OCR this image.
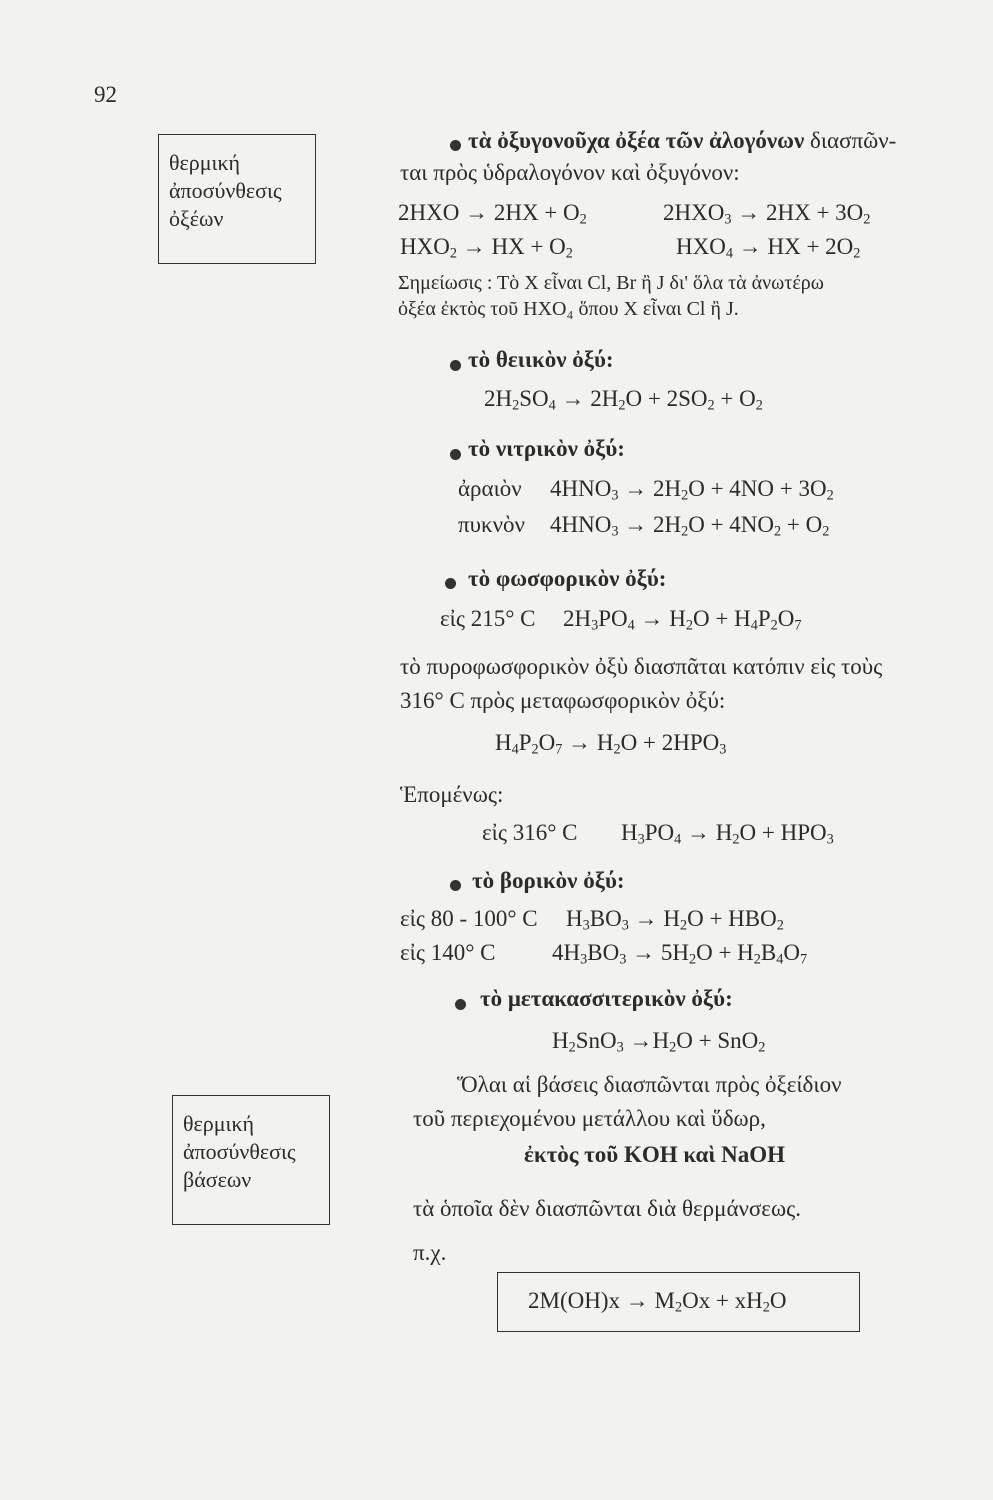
92
θερμική
ἀποσύνθεσις
ὀξέων
τὰ ὀξυγονοῦχα ὀξέα τῶν ἀλογόνων διασπῶν-
ται πρὸς ὑδραλογόνον καὶ ὀξυγόνον:
$2HXO \to 2HX + O_2$	$2HXO_3 \to 2HX + 3O_2$
$HXO_2$ → HX + $O_2$	$HXO_4$ → HX + $2O_2$
Σημείωσις : Τὸ X εἶναι Cl, Br ἢ J δι' ὅλα τὰ ἀνωτέρω
ὀξέα ἐκτὸς τοῦ HXO₄ ὅπου X εἶναι Cl ἢ J.
τὸ θειικὸν ὀξύ:
$2H_2SO_4 \to 2H_2O + 2SO_2 + O_2$
τὸ νιτρικὸν ὀξύ:
ἀραιὸν $4HNO_3 \to 2H_2O + 4NO + 3O_2$
πυκνὸν $4HNO_3 \to 2H_2O + 4NO_2 + O_2$
τὸ φωσφορικὸν ὀξύ:
εἰς 215° C $2H_3PO_4 \to H_2O + H_4P_2O_7$
τὸ πυροφωσφορικὸν ὀξὺ διασπᾶται κατόπιν εἰς τοὺς
316° C πρὸς μεταφωσφορικὸν ὀξύ:
$H_4P_2O_7 \to H_2O + 2HPO_3$
Ἑπομένως:
εἰς 316° C $H_3PO_4 \to H_2O + HPO_3$
τὸ βορικὸν ὀξύ:
εἰς 80 - 100° C $H_3BO_3 \to H_2O + HBO_2$
εἰς 140° C $4H_3BO_3 \to 5H_2O + H_2B_4O_7$
τὸ μετακασσιτερικὸν ὀξύ:
$H_2SnO_3 \to H_2O + SnO_2$
θερμική
ἀποσύνθεσις
βάσεων
Ὅλαι αἱ βάσεις διασπῶνται πρὸς ὀξείδιον
τοῦ περιεχομένου μετάλλου καὶ ὕδωρ,
ἐκτὸς τοῦ KOH καὶ NaOH
τὰ ὁποῖα δὲν διασπῶνται διὰ θερμάνσεως.
π.χ.
$2M(OH)x \to M_2Ox + xH_2O$
